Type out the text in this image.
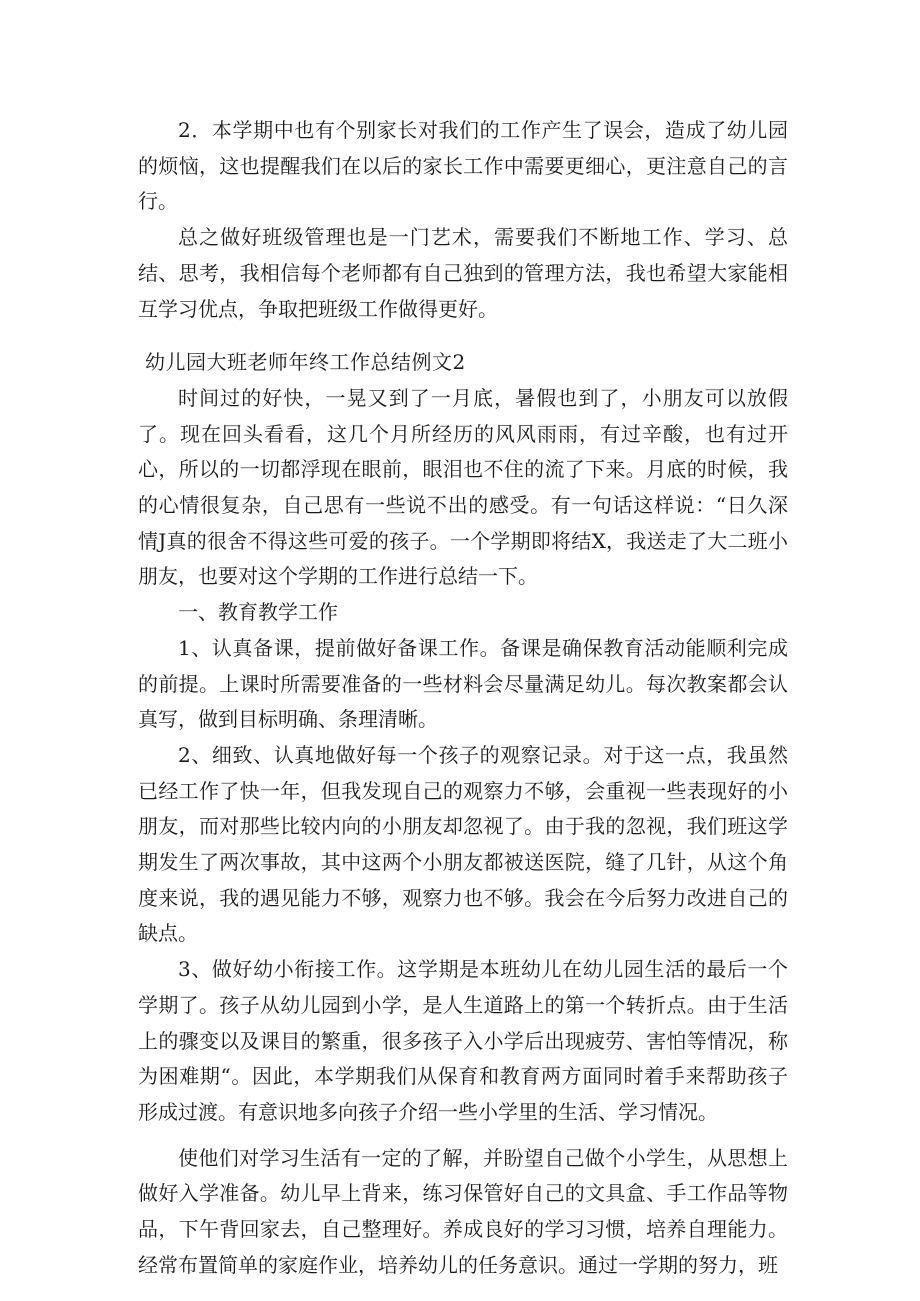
2．本学期中也有个别家长对我们的工作产生了误会，造成了幼儿园的烦恼，这也提醒我们在以后的家长工作中需要更细心，更注意自己的言行。

总之做好班级管理也是一门艺术，需要我们不断地工作、学习、总结、思考，我相信每个老师都有自己独到的管理方法，我也希望大家能相互学习优点，争取把班级工作做得更好。

幼儿园大班老师年终工作总结例文2

时间过的好快，一晃又到了一月底，暑假也到了，小朋友可以放假了。现在回头看看，这几个月所经历的风风雨雨，有过辛酸，也有过开心，所以的一切都浮现在眼前，眼泪也不住的流了下来。月底的时候，我的心情很复杂，自己思有一些说不出的感受。有一句话这样说：“日久深情J真的很舍不得这些可爱的孩子。一个学期即将结X，我送走了大二班小朋友，也要对这个学期的工作进行总结一下。

一、教育教学工作

1、认真备课，提前做好备课工作。备课是确保教育活动能顺利完成的前提。上课时所需要准备的一些材料会尽量满足幼儿。每次教案都会认真写，做到目标明确、条理清晰。

2、细致、认真地做好每一个孩子的观察记录。对于这一点，我虽然已经工作了快一年，但我发现自己的观察力不够，会重视一些表现好的小朋友，而对那些比较内向的小朋友却忽视了。由于我的忽视，我们班这学期发生了两次事故，其中这两个小朋友都被送医院，缝了几针，从这个角度来说，我的遇见能力不够，观察力也不够。我会在今后努力改进自己的缺点。

3、做好幼小衔接工作。这学期是本班幼儿在幼儿园生活的最后一个学期了。孩子从幼儿园到小学，是人生道路上的第一个转折点。由于生活上的骤变以及课目的繁重，很多孩子入小学后出现疲劳、害怕等情况，称为困难期“。因此，本学期我们从保育和教育两方面同时着手来帮助孩子形成过渡。有意识地多向孩子介绍一些小学里的生活、学习情况。

使他们对学习生活有一定的了解，并盼望自己做个小学生，从思想上做好入学准备。幼儿早上背来，练习保管好自己的文具盒、手工作品等物品，下午背回家去，自己整理好。养成良好的学习习惯，培养自理能力。经常布置简单的家庭作业，培养幼儿的任务意识。通过一学期的努力，班
